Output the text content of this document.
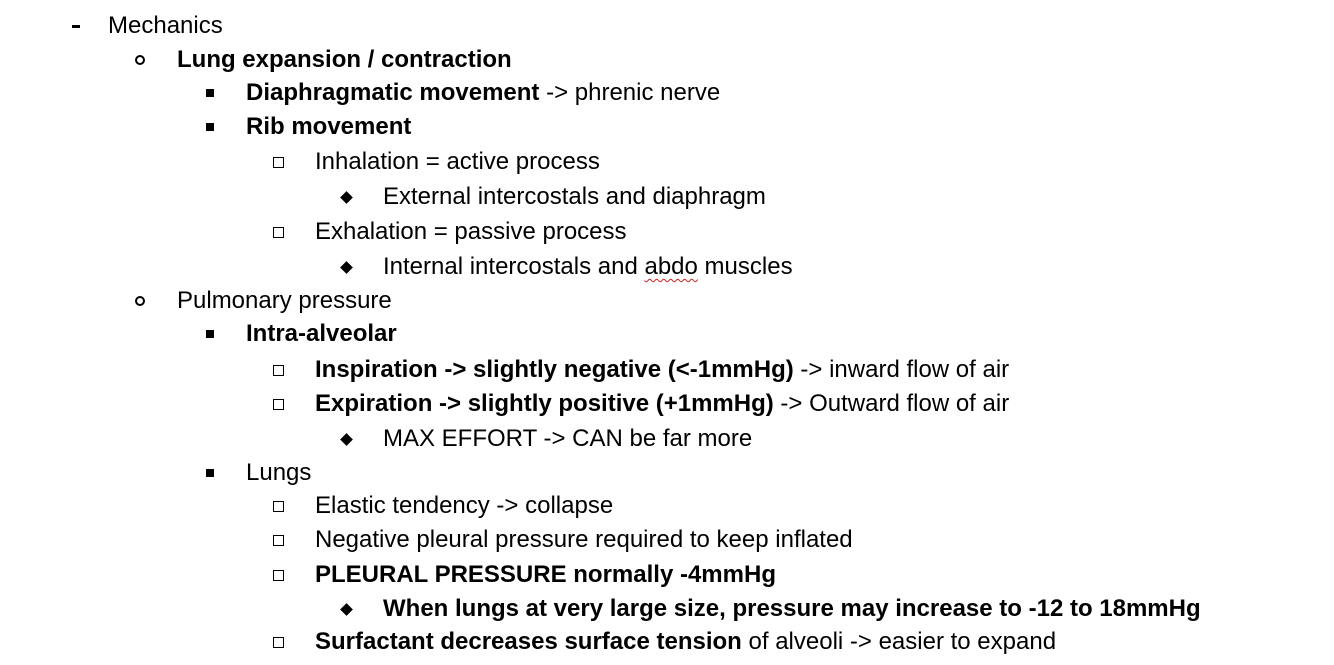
Mechanics
Lung expansion / contraction
Diaphragmatic movement -> phrenic nerve
Rib movement
Inhalation = active process
External intercostals and diaphragm
Exhalation = passive process
Internal intercostals and abdo muscles
Pulmonary pressure
Intra-alveolar
Inspiration -> slightly negative (<-1mmHg) -> inward flow of air
Expiration -> slightly positive (+1mmHg) -> Outward flow of air
MAX EFFORT -> CAN be far more
Lungs
Elastic tendency -> collapse
Negative pleural pressure required to keep inflated
PLEURAL PRESSURE normally -4mmHg
When lungs at very large size, pressure may increase to -12 to 18mmHg
Surfactant decreases surface tension of alveoli -> easier to expand
